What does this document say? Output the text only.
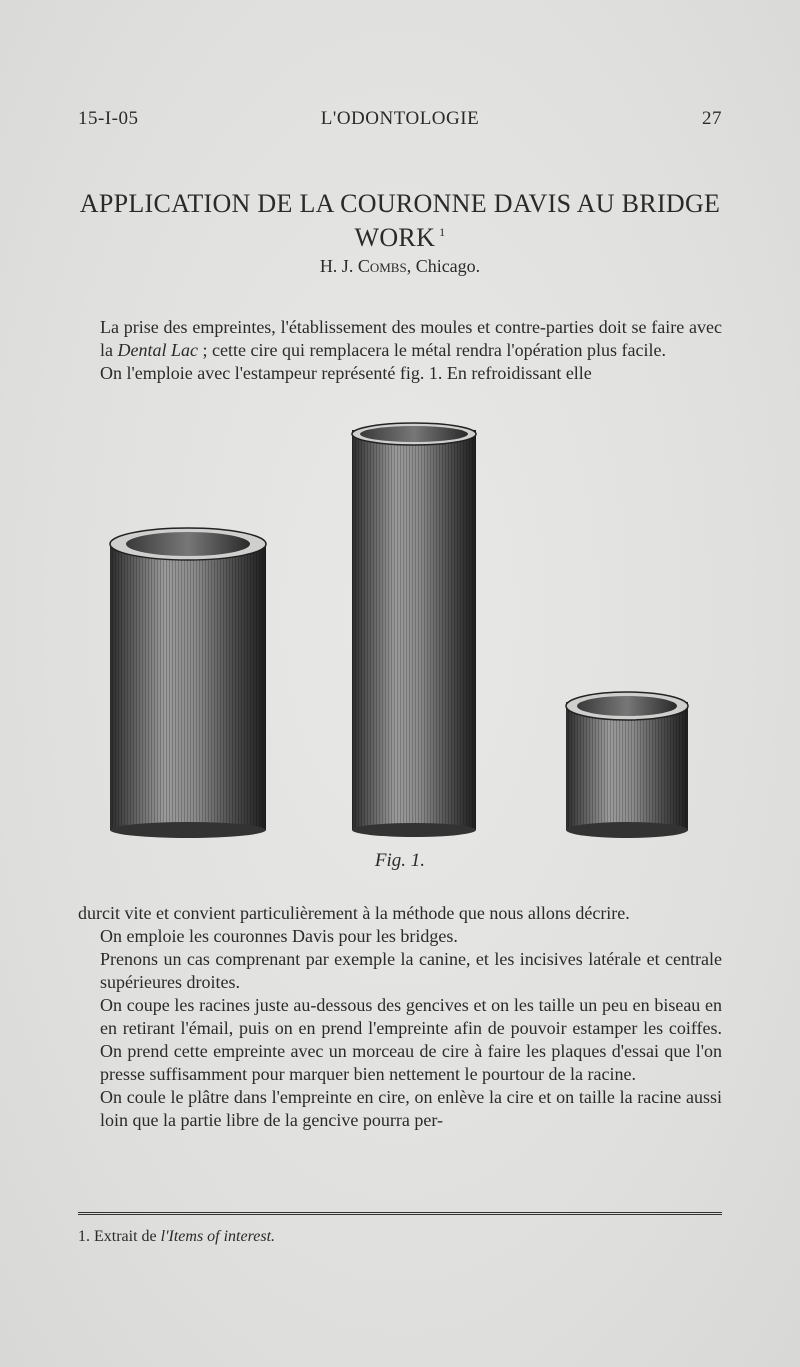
15-I-05	L'ODONTOLOGIE	27
APPLICATION DE LA COURONNE DAVIS AU BRIDGE WORK $^1$
H. J. Combs, Chicago.
La prise des empreintes, l'établissement des moules et contre-parties doit se faire avec la Dental Lac ; cette cire qui remplacera le métal rendra l'opération plus facile.
On l'emploie avec l'estampeur représenté fig. 1. En refroidissant elle
Fig. 1.
durcit vite et convient particulièrement à la méthode que nous allons décrire.
On emploie les couronnes Davis pour les bridges.
Prenons un cas comprenant par exemple la canine, et les incisives latérale et centrale supérieures droites.
On coupe les racines juste au-dessous des gencives et on les taille un peu en biseau en en retirant l'émail, puis on en prend l'empreinte afin de pouvoir estamper les coiffes. On prend cette empreinte avec un morceau de cire à faire les plaques d'essai que l'on presse suffisamment pour marquer bien nettement le pourtour de la racine.
On coule le plâtre dans l'empreinte en cire, on enlève la cire et on taille la racine aussi loin que la partie libre de la gencive pourra per-
1. Extrait de l'Items of interest.
